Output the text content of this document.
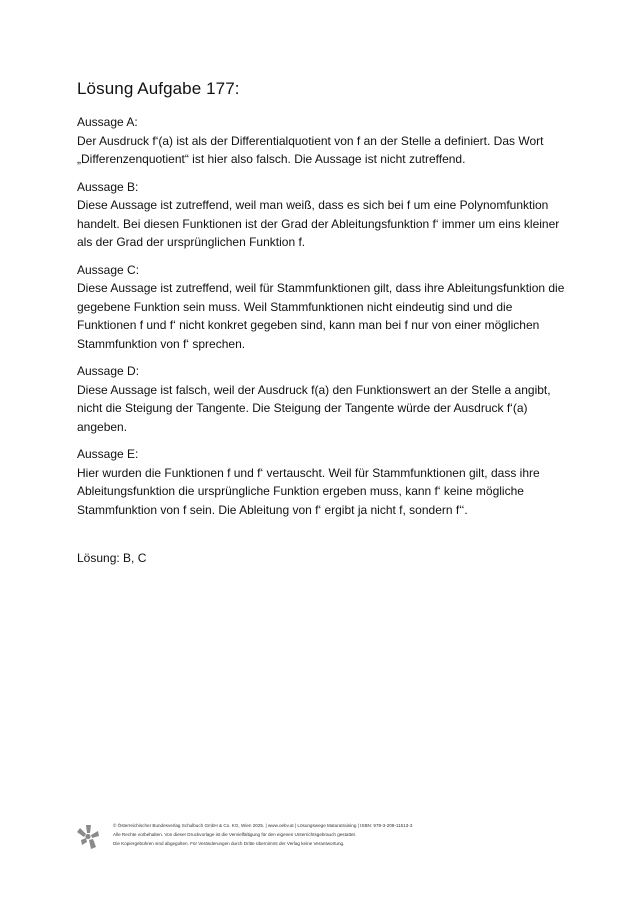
Lösung Aufgabe 177:

Aussage A:

Der Ausdruck f‘(a) ist als der Differentialquotient von f an der Stelle a definiert. Das Wort
„Differenzenquotient“ ist hier also falsch. Die Aussage ist nicht zutreffend.

Aussage B:

Diese Aussage ist zutreffend, weil man weiß, dass es sich bei f um eine Polynomfunktion
handelt. Bei diesen Funktionen ist der Grad der Ableitungsfunktion f‘ immer um eins kleiner
als der Grad der ursprünglichen Funktion f.

Aussage C:

Diese Aussage ist zutreffend, weil für Stammfunktionen gilt, dass ihre Ableitungsfunktion die
gegebene Funktion sein muss. Weil Stammfunktionen nicht eindeutig sind und die
Funktionen f und f‘ nicht konkret gegeben sind, kann man bei f nur von einer möglichen
Stammfunktion von f‘ sprechen.

Aussage D:

Diese Aussage ist falsch, weil der Ausdruck f(a) den Funktionswert an der Stelle a angibt,
nicht die Steigung der Tangente. Die Steigung der Tangente würde der Ausdruck f‘(a)
angeben.

Aussage E:

Hier wurden die Funktionen f und f‘ vertauscht. Weil für Stammfunktionen gilt, dass ihre
Ableitungsfunktion die ursprüngliche Funktion ergeben muss, kann f‘ keine mögliche
Stammfunktion von f sein. Die Ableitung von f‘ ergibt ja nicht f, sondern f‘‘.

Lösung: B, C

© Österreichischer Bundesverlag Schulbuch GmbH & Co. KG, Wien 2025. | www.oebv.at | Lösungswege Maturatraining | ISBN: 978-3-209-11513-3
Alle Rechte vorbehalten. Von dieser Druckvorlage ist die Vervielfältigung für den eigenen Unterrichtsgebrauch gestattet.
Die Kopiergebühren sind abgegolten. Für Veränderungen durch Dritte übernimmt der Verlag keine Verantwortung.
